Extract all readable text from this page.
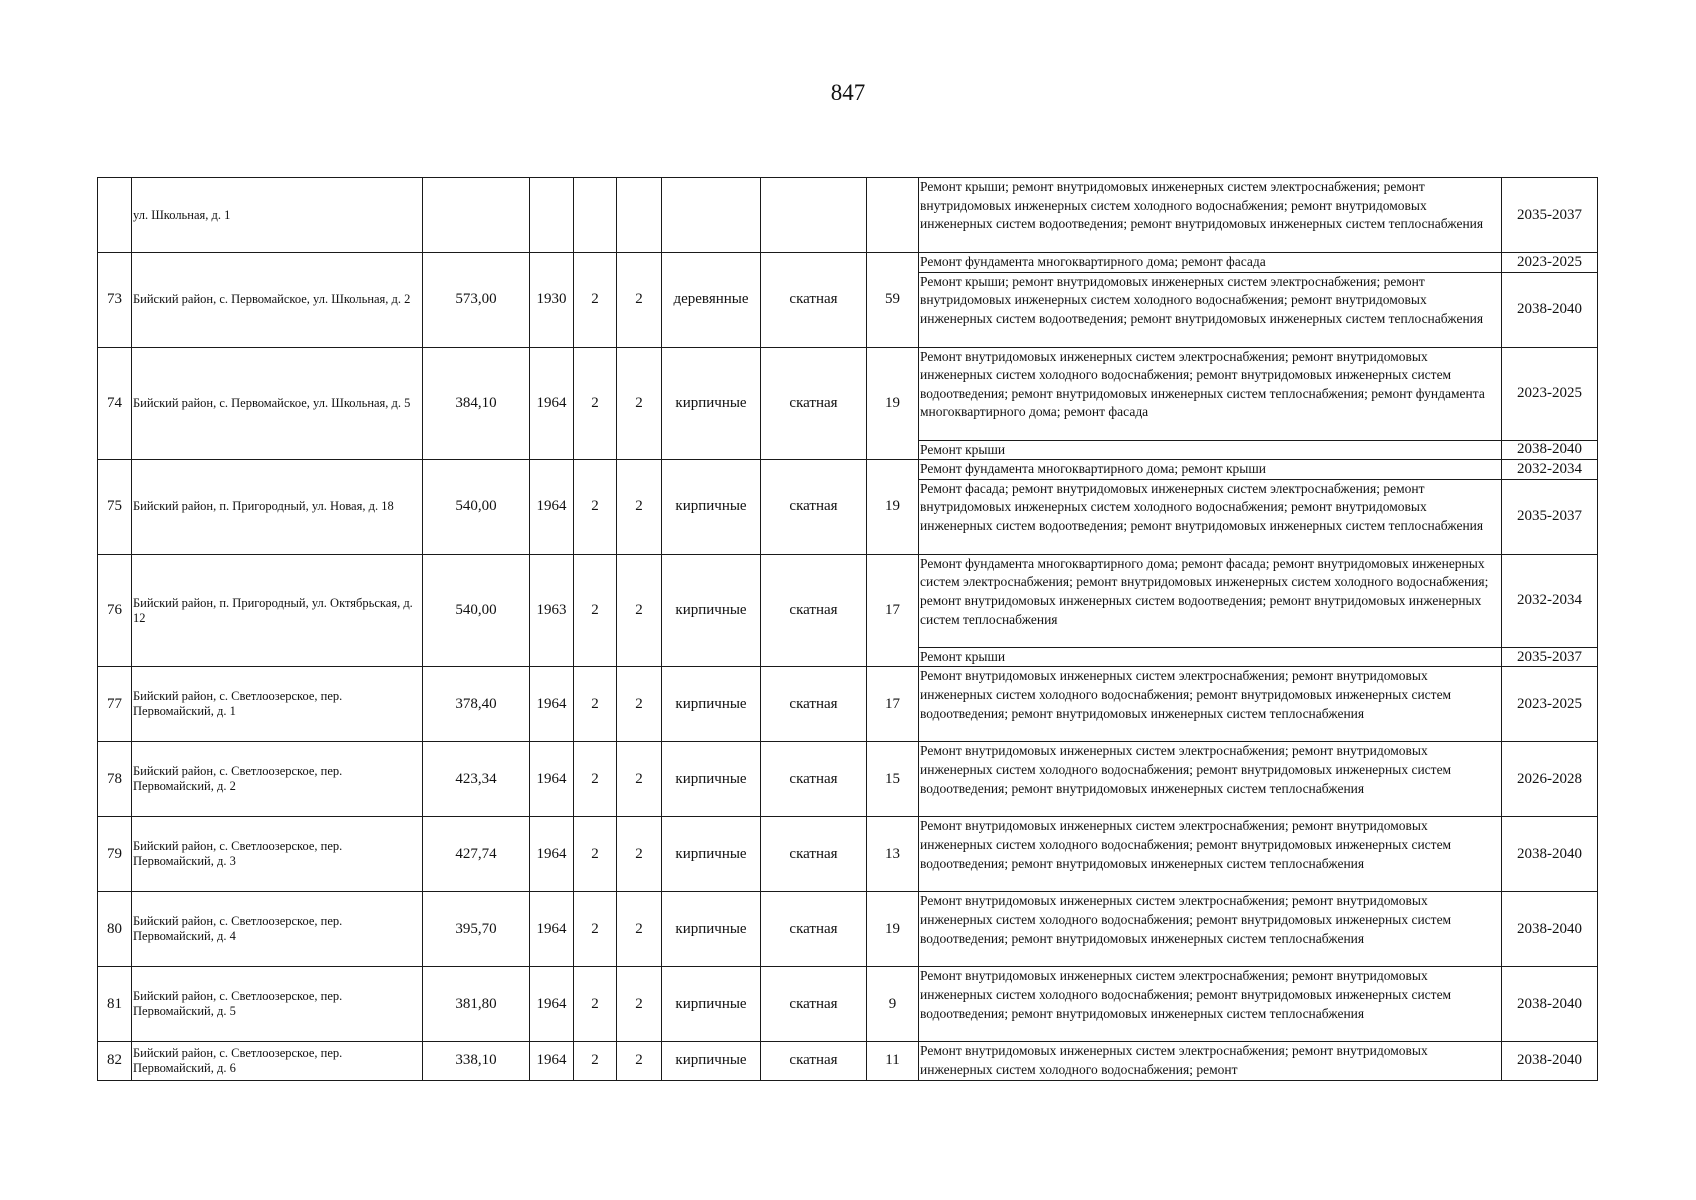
847
	ул. Школьная, д. 1								Ремонт крыши; ремонт внутридомовых инженерных систем электроснабжения; ремонт внутридомовых инженерных систем холодного водоснабжения; ремонт внутридомовых инженерных систем водоотведения; ремонт внутридомовых инженерных систем теплоснабжения	2035-2037
73	Бийский район, с. Первомайское, ул. Школьная, д. 2	573,00	1930	2	2	деревянные	скатная	59	Ремонт фундамента многоквартирного дома; ремонт фасада	2023-2025
									Ремонт крыши; ремонт внутридомовых инженерных систем электроснабжения; ремонт внутридомовых инженерных систем холодного водоснабжения; ремонт внутридомовых инженерных систем водоотведения; ремонт внутридомовых инженерных систем теплоснабжения	2038-2040
74	Бийский район, с. Первомайское, ул. Школьная, д. 5	384,10	1964	2	2	кирпичные	скатная	19	Ремонт внутридомовых инженерных систем электроснабжения; ремонт внутридомовых инженерных систем холодного водоснабжения; ремонт внутридомовых инженерных систем водоотведения; ремонт внутридомовых инженерных систем теплоснабжения; ремонт фундамента многоквартирного дома; ремонт фасада	2023-2025
									Ремонт крыши	2038-2040
75	Бийский район, п. Пригородный, ул. Новая, д. 18	540,00	1964	2	2	кирпичные	скатная	19	Ремонт фундамента многоквартирного дома; ремонт крыши	2032-2034
									Ремонт фасада; ремонт внутридомовых инженерных систем электроснабжения; ремонт внутридомовых инженерных систем холодного водоснабжения; ремонт внутридомовых инженерных систем водоотведения; ремонт внутридомовых инженерных систем теплоснабжения	2035-2037
76	Бийский район, п. Пригородный, ул. Октябрьская, д. 12	540,00	1963	2	2	кирпичные	скатная	17	Ремонт фундамента многоквартирного дома; ремонт фасада; ремонт внутридомовых инженерных систем электроснабжения; ремонт внутридомовых инженерных систем холодного водоснабжения; ремонт внутридомовых инженерных систем водоотведения; ремонт внутридомовых инженерных систем теплоснабжения	2032-2034
									Ремонт крыши	2035-2037
77	Бийский район, с. Светлоозерское, пер. Первомайский, д. 1	378,40	1964	2	2	кирпичные	скатная	17	Ремонт внутридомовых инженерных систем электроснабжения; ремонт внутридомовых инженерных систем холодного водоснабжения; ремонт внутридомовых инженерных систем водоотведения; ремонт внутридомовых инженерных систем теплоснабжения	2023-2025
78	Бийский район, с. Светлоозерское, пер. Первомайский, д. 2	423,34	1964	2	2	кирпичные	скатная	15	Ремонт внутридомовых инженерных систем электроснабжения; ремонт внутридомовых инженерных систем холодного водоснабжения; ремонт внутридомовых инженерных систем водоотведения; ремонт внутридомовых инженерных систем теплоснабжения	2026-2028
79	Бийский район, с. Светлоозерское, пер. Первомайский, д. 3	427,74	1964	2	2	кирпичные	скатная	13	Ремонт внутридомовых инженерных систем электроснабжения; ремонт внутридомовых инженерных систем холодного водоснабжения; ремонт внутридомовых инженерных систем водоотведения; ремонт внутридомовых инженерных систем теплоснабжения	2038-2040
80	Бийский район, с. Светлоозерское, пер. Первомайский, д. 4	395,70	1964	2	2	кирпичные	скатная	19	Ремонт внутридомовых инженерных систем электроснабжения; ремонт внутридомовых инженерных систем холодного водоснабжения; ремонт внутридомовых инженерных систем водоотведения; ремонт внутридомовых инженерных систем теплоснабжения	2038-2040
81	Бийский район, с. Светлоозерское, пер. Первомайский, д. 5	381,80	1964	2	2	кирпичные	скатная	9	Ремонт внутридомовых инженерных систем электроснабжения; ремонт внутридомовых инженерных систем холодного водоснабжения; ремонт внутридомовых инженерных систем водоотведения; ремонт внутридомовых инженерных систем теплоснабжения	2038-2040
82	Бийский район, с. Светлоозерское, пер. Первомайский, д. 6	338,10	1964	2	2	кирпичные	скатная	11	Ремонт внутридомовых инженерных систем электроснабжения; ремонт внутридомовых инженерных систем холодного водоснабжения; ремонт	2038-2040
